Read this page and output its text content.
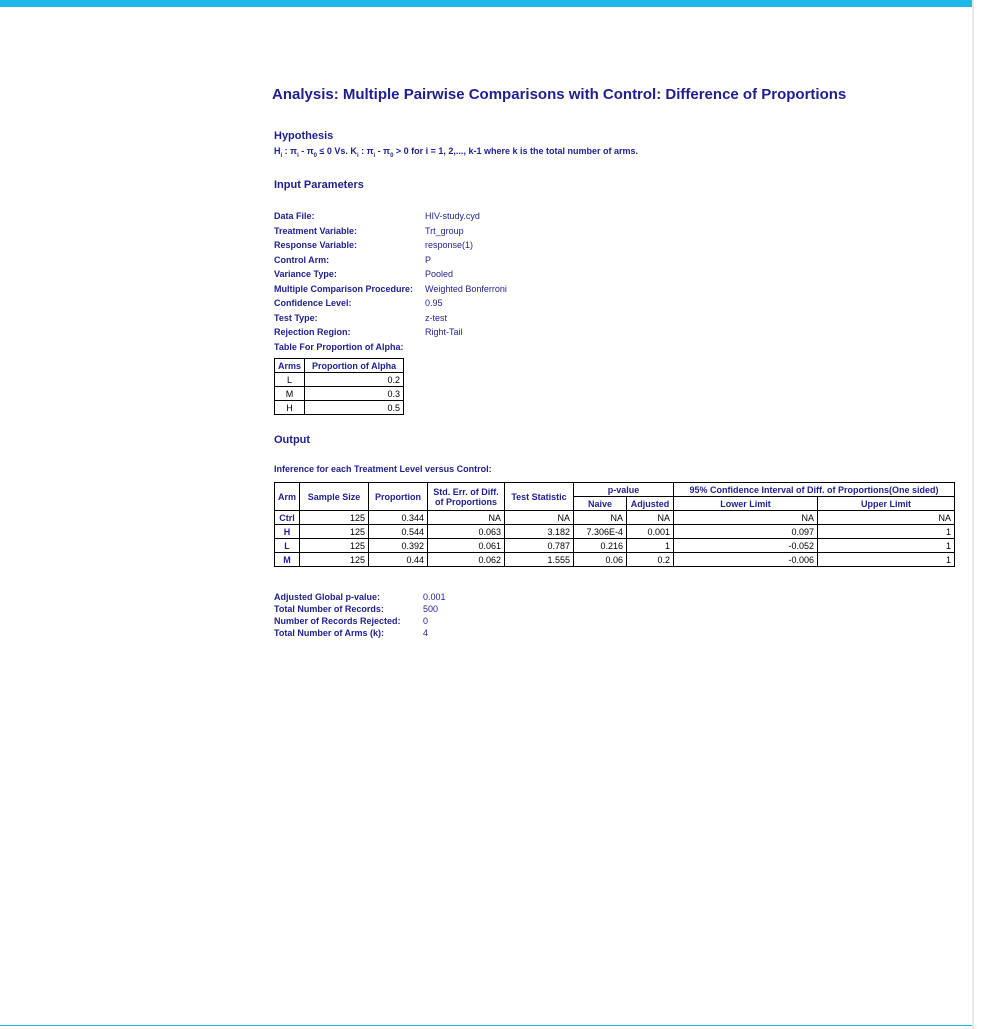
Analysis: Multiple Pairwise Comparisons with Control: Difference of Proportions
Hypothesis
$H_i$ : $\pi_i - \pi_0 \le 0$ Vs. $K_i$ : $\pi_i - \pi_0 > 0$ for i = 1, 2,..., k-1 where k is the total number of arms.
Input Parameters
Data File:	HIV-study.cyd
Treatment Variable:	Trt_group
Response Variable:	response(1)
Control Arm:	P
Variance Type:	Pooled
Multiple Comparison Procedure: Weighted Bonferroni
Confidence Level:	0.95
Test Type:	z-test
Rejection Region:	Right-Tail
Table For Proportion of Alpha:
Arms	Proportion of Alpha
L	0.2
M	0.3
H	0.5
Output
Inference for each Treatment Level versus Control:
Arm	Sample Size	Proportion	Std. Err. of Diff. of Proportions	Test Statistic	p-value		95% Confidence Interval of Diff. of Proportions(One sided)	
					Naive	Adjusted	Lower Limit	Upper Limit
Ctrl	125	0.344	NA	NA	NA	NA	NA	NA
H	125	0.544	0.063	3.182	7.306E-4	0.001	0.097	1
L	125	0.392	0.061	0.787	0.216	1	-0.052	1
M	125	0.44	0.062	1.555	0.06	0.2	-0.006	1
Adjusted Global p-value:	0.001
Total Number of Records:	500
Number of Records Rejected: 0
Total Number of Arms (k):	4
